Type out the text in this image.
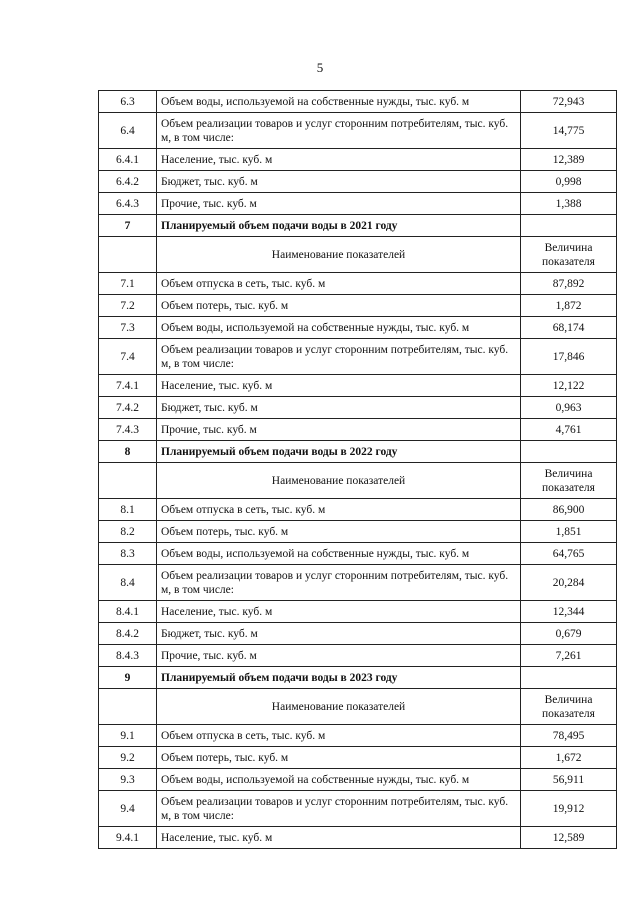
5
6.3	Объем воды, используемой на собственные нужды, тыс. куб. м	72,943
6.4	Объем реализации товаров и услуг сторонним потребителям, тыс. куб. м, в том числе:	14,775
6.4.1	Население, тыс. куб. м	12,389
6.4.2	Бюджет, тыс. куб. м	0,998
6.4.3	Прочие, тыс. куб. м	1,388
7	Планируемый объем подачи воды в 2021 году	
	Наименование показателей	Величина показателя
7.1	Объем отпуска в сеть, тыс. куб. м	87,892
7.2	Объем потерь, тыс. куб. м	1,872
7.3	Объем воды, используемой на собственные нужды, тыс. куб. м	68,174
7.4	Объем реализации товаров и услуг сторонним потребителям, тыс. куб. м, в том числе:	17,846
7.4.1	Население, тыс. куб. м	12,122
7.4.2	Бюджет, тыс. куб. м	0,963
7.4.3	Прочие, тыс. куб. м	4,761
8	Планируемый объем подачи воды в 2022 году	
	Наименование показателей	Величина показателя
8.1	Объем отпуска в сеть, тыс. куб. м	86,900
8.2	Объем потерь, тыс. куб. м	1,851
8.3	Объем воды, используемой на собственные нужды, тыс. куб. м	64,765
8.4	Объем реализации товаров и услуг сторонним потребителям, тыс. куб. м, в том числе:	20,284
8.4.1	Население, тыс. куб. м	12,344
8.4.2	Бюджет, тыс. куб. м	0,679
8.4.3	Прочие, тыс. куб. м	7,261
9	Планируемый объем подачи воды в 2023 году	
	Наименование показателей	Величина показателя
9.1	Объем отпуска в сеть, тыс. куб. м	78,495
9.2	Объем потерь, тыс. куб. м	1,672
9.3	Объем воды, используемой на собственные нужды, тыс. куб. м	56,911
9.4	Объем реализации товаров и услуг сторонним потребителям, тыс. куб. м, в том числе:	19,912
9.4.1	Население, тыс. куб. м	12,589
